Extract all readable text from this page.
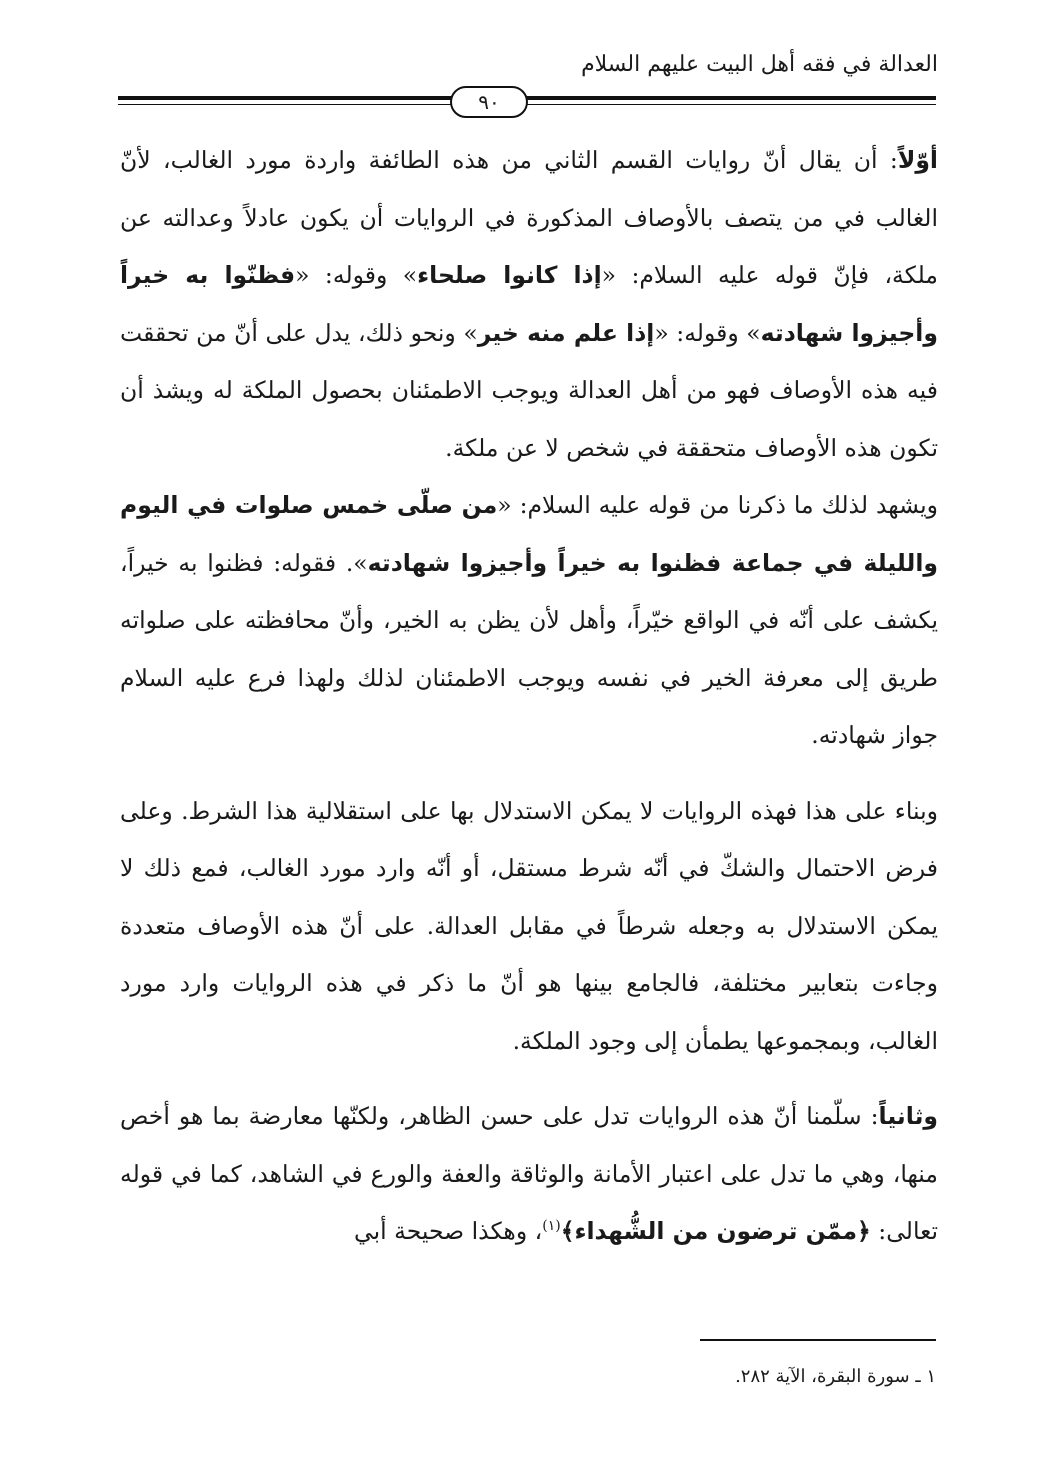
العدالة في فقه أهل البيت عليهم السلام
٩٠

أوّلاً: أن يقال أنّ روايات القسم الثاني من هذه الطائفة واردة مورد الغالب، لأنّ الغالب في من يتصف بالأوصاف المذكورة في الروايات أن يكون عادلاً وعدالته عن ملكة، فإنّ قوله عليه السلام: «إذا كانوا صلحاء» وقوله: «فظنّوا به خيراً وأجيزوا شهادته» وقوله: «إذا علم منه خير» ونحو ذلك، يدل على أنّ من تحققت فيه هذه الأوصاف فهو من أهل العدالة ويوجب الاطمئنان بحصول الملكة له ويشذ أن تكون هذه الأوصاف متحققة في شخص لا عن ملكة.

ويشهد لذلك ما ذكرنا من قوله عليه السلام: «من صلّى خمس صلوات في اليوم والليلة في جماعة فظنوا به خيراً وأجيزوا شهادته». فقوله: فظنوا به خيراً، يكشف على أنّه في الواقع خيّراً، وأهل لأن يظن به الخير، وأنّ محافظته على صلواته طريق إلى معرفة الخير في نفسه ويوجب الاطمئنان لذلك ولهذا فرع عليه السلام جواز شهادته.

وبناء على هذا فهذه الروايات لا يمكن الاستدلال بها على استقلالية هذا الشرط. وعلى فرض الاحتمال والشكّ في أنّه شرط مستقل، أو أنّه وارد مورد الغالب، فمع ذلك لا يمكن الاستدلال به وجعله شرطاً في مقابل العدالة. على أنّ هذه الأوصاف متعددة وجاءت بتعابير مختلفة، فالجامع بينها هو أنّ ما ذكر في هذه الروايات وارد مورد الغالب، وبمجموعها يطمأن إلى وجود الملكة.

وثانياً: سلّمنا أنّ هذه الروايات تدل على حسن الظاهر، ولكنّها معارضة بما هو أخص منها، وهي ما تدل على اعتبار الأمانة والوثاقة والعفة والورع في الشاهد، كما في قوله تعالى: ﴿ممّن ترضون من الشُّهداء﴾$^{(١)}$، وهكذا صحيحة أبي

١ ـ سورة البقرة، الآية ٢٨٢.
